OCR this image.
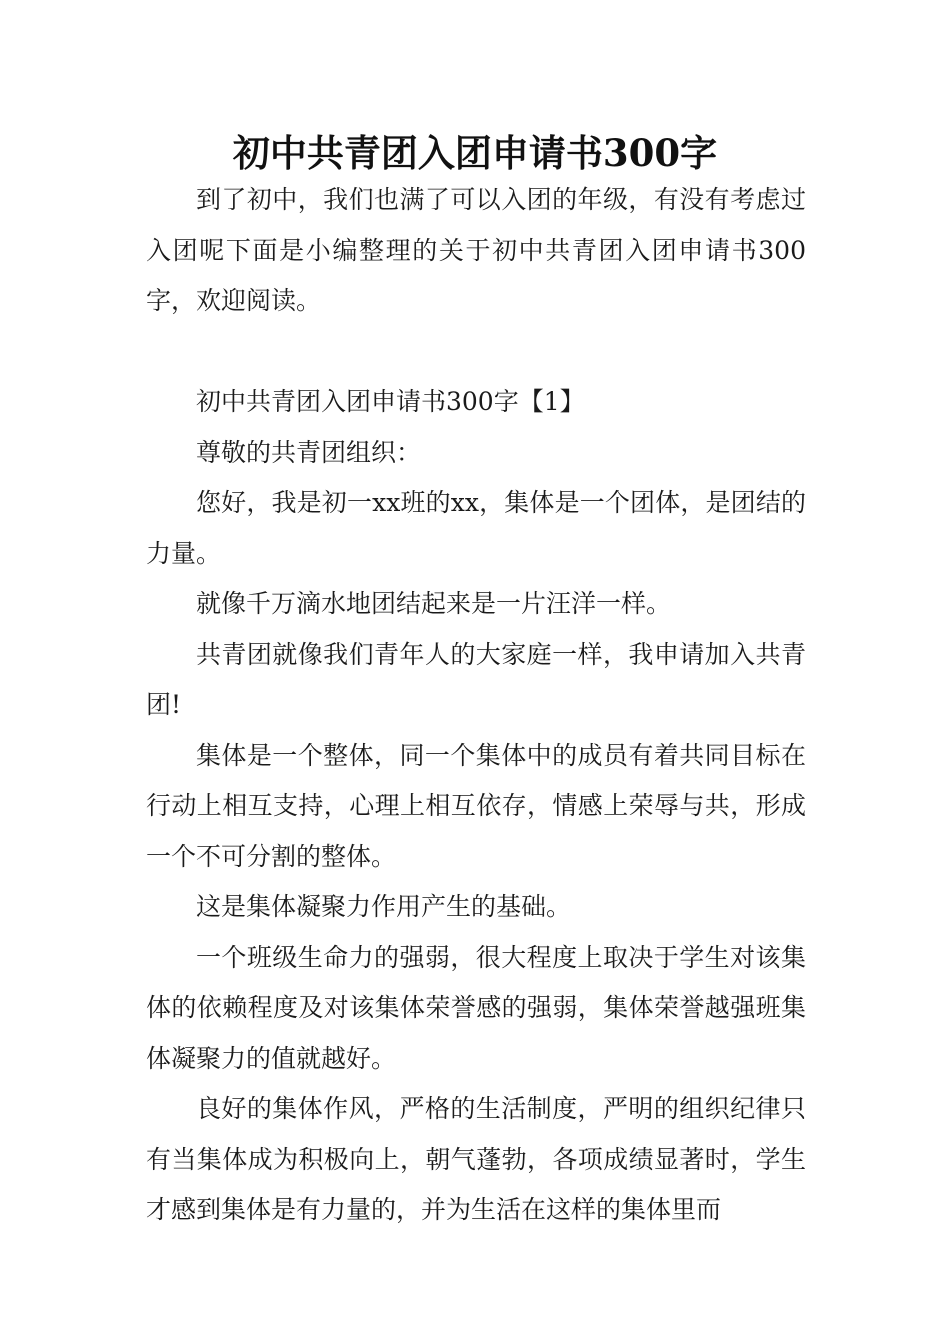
初中共青团入团申请书300字

到了初中，我们也满了可以入团的年级，有没有考虑过入团呢下面是小编整理的关于初中共青团入团申请书300字，欢迎阅读。

初中共青团入团申请书300字【1】

尊敬的共青团组织：

您好，我是初一xx班的xx，集体是一个团体，是团结的力量。

就像千万滴水地团结起来是一片汪洋一样。

共青团就像我们青年人的大家庭一样，我申请加入共青团!

集体是一个整体，同一个集体中的成员有着共同目标在行动上相互支持，心理上相互依存，情感上荣辱与共，形成一个不可分割的整体。

这是集体凝聚力作用产生的基础。

一个班级生命力的强弱，很大程度上取决于学生对该集体的依赖程度及对该集体荣誉感的强弱，集体荣誉越强班集体凝聚力的值就越好。

良好的集体作风，严格的生活制度，严明的组织纪律只有当集体成为积极向上，朝气蓬勃，各项成绩显著时，学生才感到集体是有力量的，并为生活在这样的集体里而
